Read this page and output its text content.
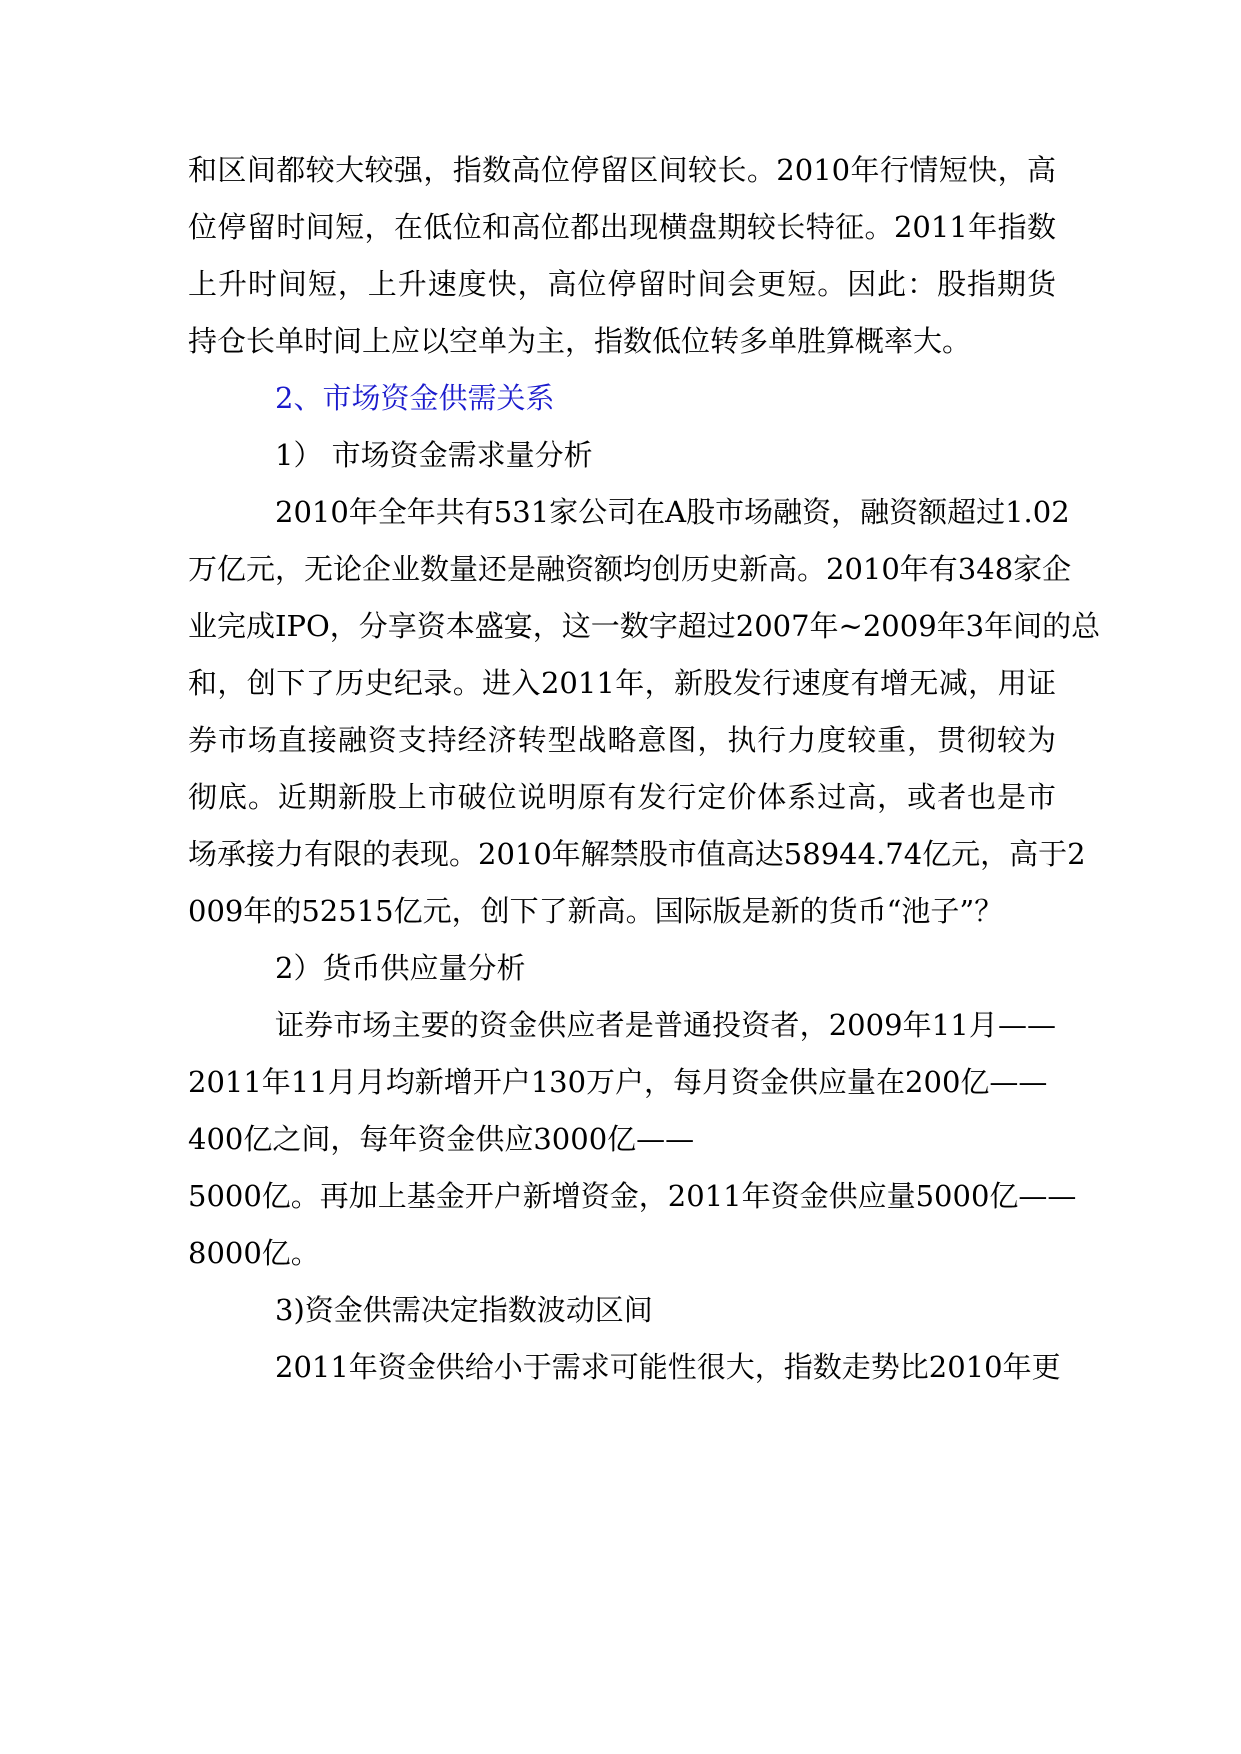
和区间都较大较强，指数高位停留区间较长。2010年行情短快，高
位停留时间短，在低位和高位都出现横盘期较长特征。2011年指数
上升时间短，上升速度快，高位停留时间会更短。因此：股指期货
持仓长单时间上应以空单为主，指数低位转多单胜算概率大。
2、市场资金供需关系
1） 市场资金需求量分析
2010年全年共有531家公司在A股市场融资，融资额超过1.02
万亿元，无论企业数量还是融资额均创历史新高。2010年有348家企
业完成IPO，分享资本盛宴，这一数字超过2007年~2009年3年间的总
和，创下了历史纪录。进入2011年，新股发行速度有增无减，用证
券市场直接融资支持经济转型战略意图，执行力度较重，贯彻较为
彻底。近期新股上市破位说明原有发行定价体系过高，或者也是市
场承接力有限的表现。2010年解禁股市值高达58944.74亿元，高于2
009年的52515亿元，创下了新高。国际版是新的货币“池子”？
2）货币供应量分析
证券市场主要的资金供应者是普通投资者，2009年11月——
2011年11月月均新增开户130万户，每月资金供应量在200亿——
400亿之间，每年资金供应3000亿——
5000亿。再加上基金开户新增资金，2011年资金供应量5000亿——
8000亿。
3)资金供需决定指数波动区间
2011年资金供给小于需求可能性很大，指数走势比2010年更
